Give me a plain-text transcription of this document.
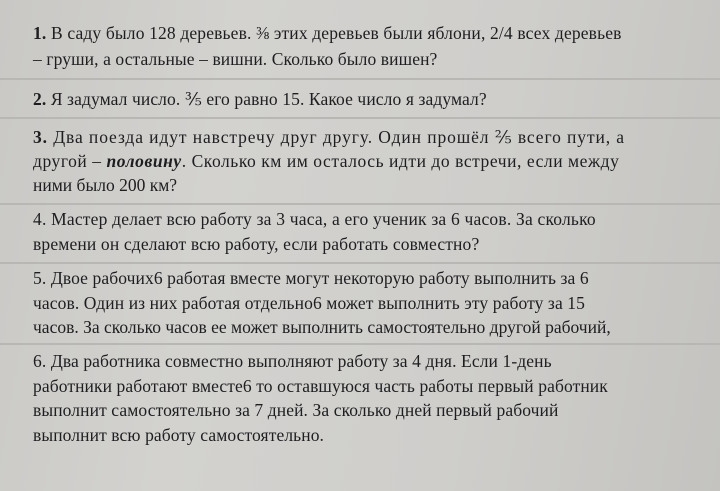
1. В саду было 128 деревьев. ⅜ этих деревьев были яблони, 2/4 всех деревьев
– груши, а остальные – вишни. Сколько было вишен?
2. Я задумал число. ⅗ его равно 15. Какое число я задумал?
3. Два поезда идут навстречу друг другу. Один прошёл ⅖ всего пути, а
другой – половину. Сколько км им осталось идти до встречи, если между
ними было 200 км?
4. Мастер делает всю работу за 3 часа, а его ученик за 6 часов. За сколько
времени он сделают всю работу, если работать совместно?
5. Двое рабочих6 работая вместе могут некоторую работу выполнить за 6
часов. Один из них работая отдельно6 может выполнить эту работу за 15
часов. За сколько часов ее может выполнить самостоятельно другой рабочий,
6. Два работника совместно выполняют работу за 4 дня. Если 1-день
работники работают вместе6 то оставшуюся часть работы первый работник
выполнит самостоятельно за 7 дней. За сколько дней первый рабочий
выполнит всю работу самостоятельно.
